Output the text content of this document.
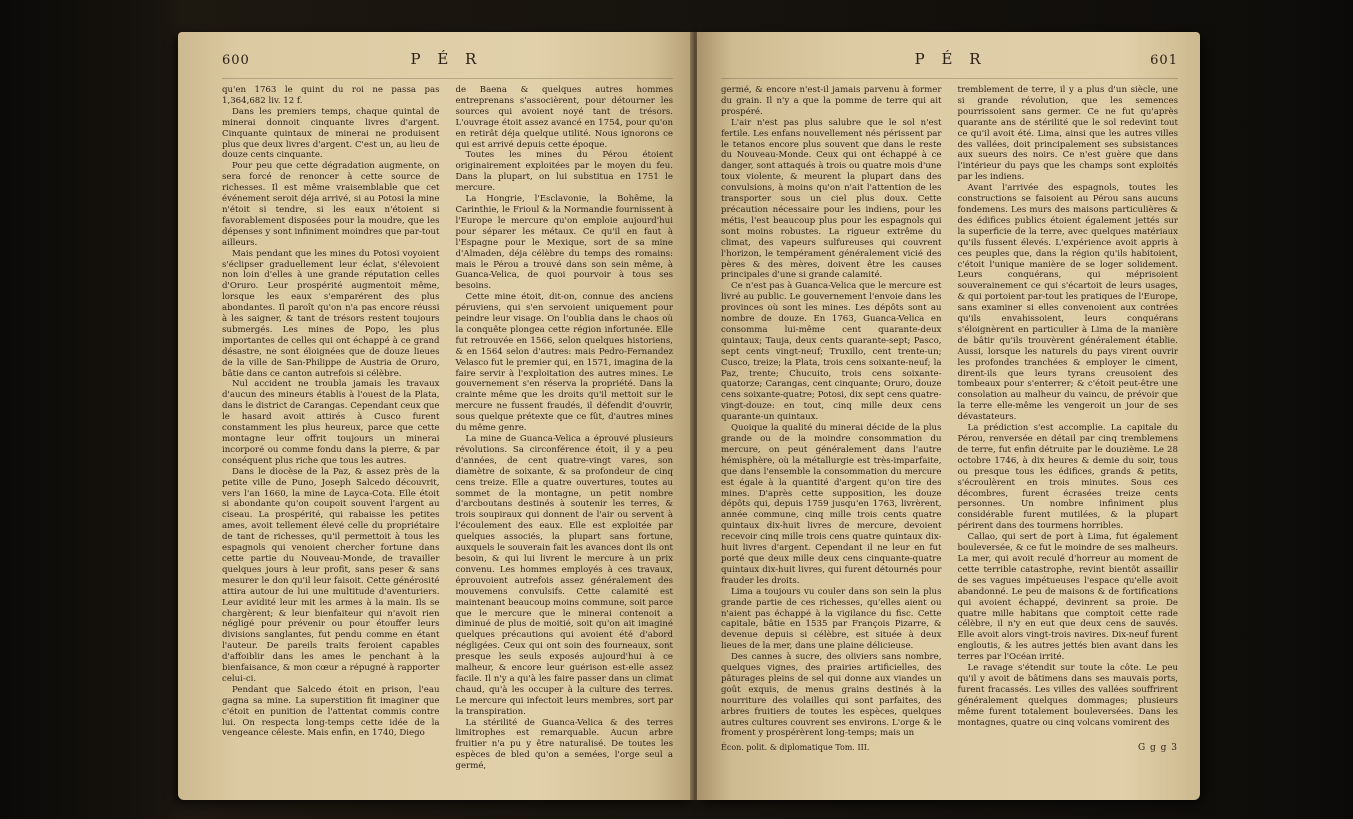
600	P É R

qu'en 1763 le quint du roi ne passa pas 1,364,682 liv. 12 f.

Dans les premiers temps, chaque quintal de minerai donnoit cinquante livres d'argent. Cinquante quintaux de minerai ne produisent plus que deux livres d'argent. C'est un, au lieu de douze cents cinquante.

Pour peu que cette dégradation augmente, on sera forcé de renoncer à cette source de richesses. Il est même vraisemblable que cet événement seroit déja arrivé, si au Potosi la mine n'étoit si tendre, si les eaux n'étoient si favorablement disposées pour la moudre, que les dépenses y sont infiniment moindres que par-tout ailleurs.

Mais pendant que les mines du Potosi voyoient s'éclipser graduellement leur éclat, s'élevoient non loin d'elles à une grande réputation celles d'Oruro. Leur prospérité augmentoit même, lorsque les eaux s'emparérent des plus abondantes. Il paroît qu'on n'a pas encore réussi à les saigner, & tant de trésors restent toujours submergés. Les mines de Popo, les plus importantes de celles qui ont échappé à ce grand désastre, ne sont éloignées que de douze lieues de la ville de San-Philippe de Austria de Oruro, bâtie dans ce canton autrefois si célèbre.

Nul accident ne troubla jamais les travaux d'aucun des mineurs établis à l'ouest de la Plata, dans le district de Carangas. Cependant ceux que le hasard avoit attirés à Cusco furent constamment les plus heureux, parce que cette montagne leur offrit toujours un minerai incorporé ou comme fondu dans la pierre, & par conséquent plus riche que tous les autres.

Dans le diocèse de la Paz, & assez près de la petite ville de Puno, Joseph Salcedo découvrit, vers l'an 1660, la mine de Layca-Cota. Elle étoit si abondante qu'on coupoit souvent l'argent au ciseau. La prospérité, qui rabaisse les petites ames, avoit tellement élevé celle du propriétaire de tant de richesses, qu'il permettoit à tous les espagnols qui venoient chercher fortune dans cette partie du Nouveau-Monde, de travailler quelques jours à leur profit, sans peser & sans mesurer le don qu'il leur faisoit. Cette générosité attira autour de lui une multitude d'aventuriers. Leur avidité leur mit les armes à la main. Ils se chargèrent; & leur bienfaiteur qui n'avoit rien négligé pour prévenir ou pour étouffer leurs divisions sanglantes, fut pendu comme en étant l'auteur. De pareils traits feroient capables d'affoiblir dans les ames le penchant à la bienfaisance, & mon cœur a répugné à rapporter celui-ci.

Pendant que Salcedo étoit en prison, l'eau gagna sa mine. La superstition fit imaginer que c'étoit en punition de l'attentat commis contre lui. On respecta long-temps cette idée de la vengeance céleste. Mais enfin, en 1740, Diego

de Baena & quelques autres hommes entreprenans s'associèrent, pour détourner les sources qui avoient noyé tant de trésors. L'ouvrage étoit assez avancé en 1754, pour qu'on en retirât déja quelque utilité. Nous ignorons ce qui est arrivé depuis cette époque.

Toutes les mines du Pérou étoient originairement exploitées par le moyen du feu. Dans la plupart, on lui substitua en 1751 le mercure.

La Hongrie, l'Esclavonie, la Bohême, la Carinthie, le Frioul & la Normandie fournissent à l'Europe le mercure qu'on emploie aujourd'hui pour séparer les métaux. Ce qu'il en faut à l'Espagne pour le Mexique, sort de sa mine d'Almaden, déja célèbre du temps des romains: mais le Pérou a trouvé dans son sein même, à Guanca-Velica, de quoi pourvoir à tous ses besoins.

Cette mine étoit, dit-on, connue des anciens péruviens, qui s'en servoient uniquement pour peindre leur visage. On l'oublia dans le chaos où la conquête plongea cette région infortunée. Elle fut retrouvée en 1566, selon quelques historiens, & en 1564 selon d'autres: mais Pedro-Fernandez Velasco fut le premier qui, en 1571, imagina de la faire servir à l'exploitation des autres mines. Le gouvernement s'en réserva la propriété. Dans la crainte même que les droits qu'il mettoit sur le mercure ne fussent fraudés, il défendit d'ouvrir, sous quelque prétexte que ce fût, d'autres mines du même genre.

La mine de Guanca-Velica a éprouvé plusieurs révolutions. Sa circonférence étoit, il y a peu d'années, de cent quatre-vingt vares, son diamètre de soixante, & sa profondeur de cinq cens treize. Elle a quatre ouvertures, toutes au sommet de la montagne, un petit nombre d'arcboutans destinés à soutenir les terres, & trois soupiraux qui donnent de l'air ou servent à l'écoulement des eaux. Elle est exploitée par quelques associés, la plupart sans fortune, auxquels le souverain fait les avances dont ils ont besoin, & qui lui livrent le mercure à un prix convenu. Les hommes employés à ces travaux, éprouvoient autrefois assez généralement des mouvemens convulsifs. Cette calamité est maintenant beaucoup moins commune, soit parce que le mercure que le minerai contenoit a diminué de plus de moitié, soit qu'on ait imaginé quelques précautions qui avoient été d'abord négligées. Ceux qui ont soin des fourneaux, sont presque les seuls exposés aujourd'hui à ce malheur, & encore leur guérison est-elle assez facile. Il n'y a qu'à les faire passer dans un climat chaud, qu'à les occuper à la culture des terres. Le mercure qui infectoit leurs membres, sort par la transpiration.

La stérilité de Guanca-Velica & des terres limitrophes est remarquable. Aucun arbre fruitier n'a pu y être naturalisé. De toutes les espèces de bled qu'on a semées, l'orge seul a germé,

P É R	601

germé, & encore n'est-il jamais parvenu à former du grain. Il n'y a que la pomme de terre qui ait prospéré.

L'air n'est pas plus salubre que le sol n'est fertile. Les enfans nouvellement nés périssent par le tetanos encore plus souvent que dans le reste du Nouveau-Monde. Ceux qui ont échappé à ce danger, sont attaqués à trois ou quatre mois d'une toux violente, & meurent la plupart dans des convulsions, à moins qu'on n'ait l'attention de les transporter sous un ciel plus doux. Cette précaution nécessaire pour les indiens, pour les métis, l'est beaucoup plus pour les espagnols qui sont moins robustes. La rigueur extrême du climat, des vapeurs sulfureuses qui couvrent l'horizon, le tempérament généralement vicié des pères & des mères, doivent être les causes principales d'une si grande calamité.

Ce n'est pas à Guanca-Velica que le mercure est livré au public. Le gouvernement l'envoie dans les provinces où sont les mines. Les dépôts sont au nombre de douze. En 1763, Guanca-Velica en consomma lui-même cent quarante-deux quintaux; Tauja, deux cents quarante-sept; Pasco, sept cents vingt-neuf; Truxillo, cent trente-un; Cusco, treize; la Plata, trois cens soixante-neuf; la Paz, trente; Chucuito, trois cens soixante-quatorze; Carangas, cent cinquante; Oruro, douze cens soixante-quatre; Potosi, dix sept cens quatre-vingt-douze: en tout, cinq mille deux cens quarante-un quintaux.

Quoique la qualité du minerai décide de la plus grande ou de la moindre consommation du mercure, on peut généralement dans l'autre hémisphère, où la métallurgie est très-imparfaite, que dans l'ensemble la consommation du mercure est égale à la quantité d'argent qu'on tire des mines. D'après cette supposition, les douze dépôts qui, depuis 1759 jusqu'en 1763, livrèrent, année commune, cinq mille trois cents quatre quintaux dix-huit livres de mercure, devoient recevoir cinq mille trois cens quatre quintaux dix-huit livres d'argent. Cependant il ne leur en fut porté que deux mille deux cens cinquante-quatre quintaux dix-huit livres, qui furent détournés pour frauder les droits.

Lima a toujours vu couler dans son sein la plus grande partie de ces richesses, qu'elles aient ou n'aient pas échappé à la vigilance du fisc. Cette capitale, bâtie en 1535 par François Pizarre, & devenue depuis si célèbre, est située à deux lieues de la mer, dans une plaine délicieuse.

Des cannes à sucre, des oliviers sans nombre, quelques vignes, des prairies artificielles, des pâturages pleins de sel qui donne aux viandes un goût exquis, de menus grains destinés à la nourriture des volailles qui sont parfaites, des arbres fruitiers de toutes les espèces, quelques autres cultures couvrent ses environs. L'orge & le froment y prospérèrent long-temps; mais un

tremblement de terre, il y a plus d'un siècle, une si grande révolution, que les semences pourrissoient sans germer. Ce ne fut qu'après quarante ans de stérilité que le sol redevint tout ce qu'il avoit été. Lima, ainsi que les autres villes des vallées, doit principalement ses subsistances aux sueurs des noirs. Ce n'est guère que dans l'intérieur du pays que les champs sont exploités par les indiens.

Avant l'arrivée des espagnols, toutes les constructions se faisoient au Pérou sans aucuns fondemens. Les murs des maisons particulières & des édifices publics étoient également jettés sur la superficie de la terre, avec quelques matériaux qu'ils fussent élevés. L'expérience avoit appris à ces peuples que, dans la région qu'ils habitoient, c'étoit l'unique manière de se loger solidement. Leurs conquérans, qui méprisoient souverainement ce qui s'écartoit de leurs usages, & qui portoient par-tout les pratiques de l'Europe, sans examiner si elles convenoient aux contrées qu'ils envahissoient, leurs conquérans s'éloignèrent en particulier à Lima de la manière de bâtir qu'ils trouvèrent généralement établie. Aussi, lorsque les naturels du pays virent ouvrir les profondes tranchées & employer le ciment, dirent-ils que leurs tyrans creusoient des tombeaux pour s'enterrer; & c'étoit peut-être une consolation au malheur du vaincu, de prévoir que la terre elle-même les vengeroit un jour de ses dévastateurs.

La prédiction s'est accomplie. La capitale du Pérou, renversée en détail par cinq tremblemens de terre, fut enfin détruite par le douzième. Le 28 octobre 1746, à dix heures & demie du soir, tous ou presque tous les édifices, grands & petits, s'écroulèrent en trois minutes. Sous ces décombres, furent écrasées treize cents personnes. Un nombre infiniment plus considérable furent mutilées, & la plupart périrent dans des tourmens horribles.

Callao, qui sert de port à Lima, fut également bouleversée, & ce fut le moindre de ses malheurs. La mer, qui avoit reculé d'horreur au moment de cette terrible catastrophe, revint bientôt assaillir de ses vagues impétueuses l'espace qu'elle avoit abandonné. Le peu de maisons & de fortifications qui avoient échappé, devinrent sa proie. De quatre mille habitans que comptoit cette rade célèbre, il n'y en eut que deux cens de sauvés. Elle avoit alors vingt-trois navires. Dix-neuf furent engloutis, & les autres jettés bien avant dans les terres par l'Océan irrité.

Le ravage s'étendit sur toute la côte. Le peu qu'il y avoit de bâtimens dans ses mauvais ports, furent fracassés. Les villes des vallées souffrirent généralement quelques dommages; plusieurs même furent totalement bouleversées. Dans les montagnes, quatre ou cinq volcans vomirent des

Écon. polit. & diplomatique Tom. III.	G g g 3
